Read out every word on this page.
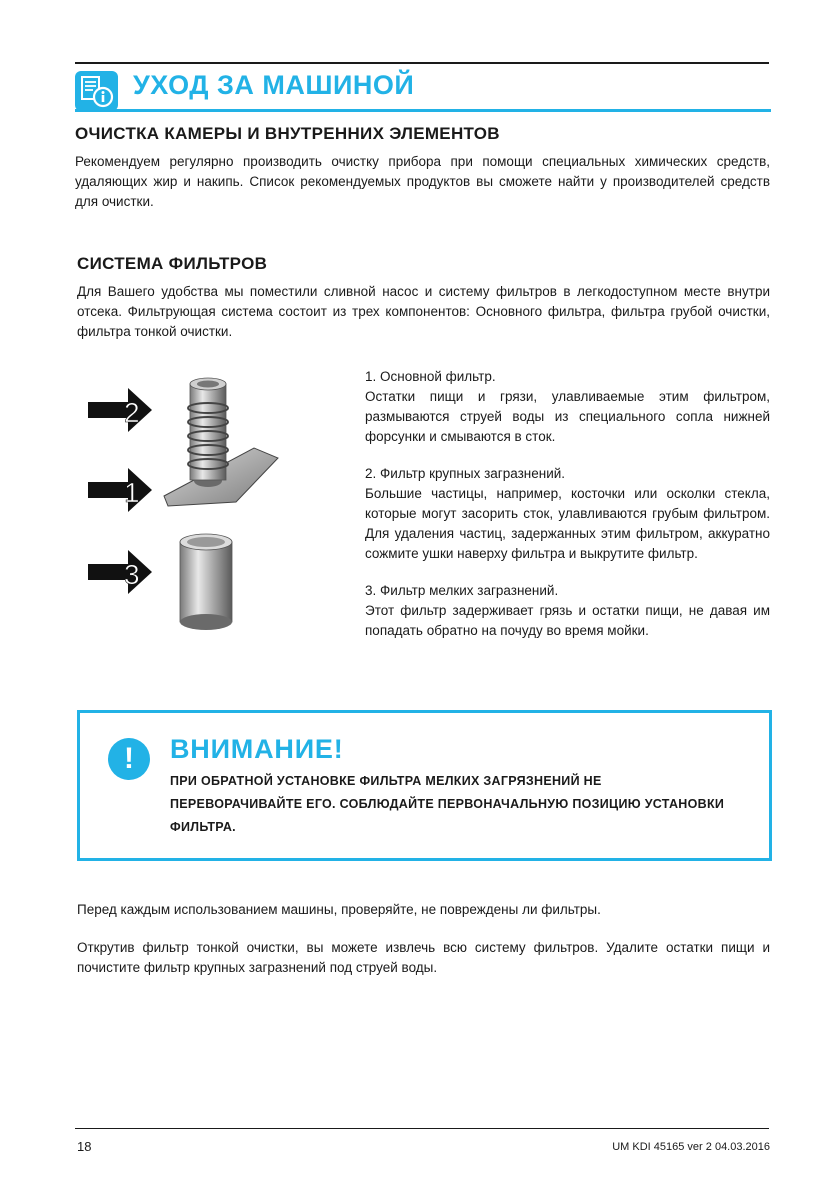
УХОД ЗА МАШИНОЙ
ОЧИСТКА КАМЕРЫ И ВНУТРЕННИХ ЭЛЕМЕНТОВ
Рекомендуем регулярно производить очистку прибора при помощи специальных химических средств, удаляющих жир и накипь. Список рекомендуемых продуктов вы сможете найти у производителей средств для очистки.
СИСТЕМА ФИЛЬТРОВ
Для Вашего удобства мы поместили сливной насос и систему фильтров в легкодоступном месте внутри отсека. Фильтрующая система состоит из трех компонентов: Основного фильтра, фильтра грубой очистки, фильтра тонкой очистки.
2
1
3

1. Основной фильтр.

Остатки пищи и грязи, улавливаемые этим фильтром, размываются струей воды из специального сопла нижней форсунки и смываются в сток.

2. Фильтр крупных загразнений.

Большие частицы, например, косточки или осколки стекла, которые могут засорить сток, улавливаются грубым фильтром. Для удаления частиц, задержанных этим фильтром, аккуратно сожмите ушки наверху фильтра и выкрутите фильтр.

3. Фильтр мелких загразнений.

Этот фильтр задерживает грязь и остатки пищи, не давая им попадать обратно на почуду во время мойки.

!	ВНИМАНИЕ!
ПРИ ОБРАТНОЙ УСТАНОВКЕ ФИЛЬТРА МЕЛКИХ ЗАГРЯЗНЕНИЙ НЕ ПЕРЕВОРАЧИВАЙТЕ ЕГО. СОБЛЮДАЙТЕ ПЕРВОНАЧАЛЬНУЮ ПОЗИЦИЮ УСТАНОВКИ ФИЛЬТРА.
Перед каждым использованием машины, проверяйте, не повреждены ли фильтры.
Открутив фильтр тонкой очистки, вы можете извлечь всю систему фильтров. Удалите остатки пищи и почистите фильтр крупных загразнений под струей воды.
18	UM KDI 45165 ver 2 04.03.2016
